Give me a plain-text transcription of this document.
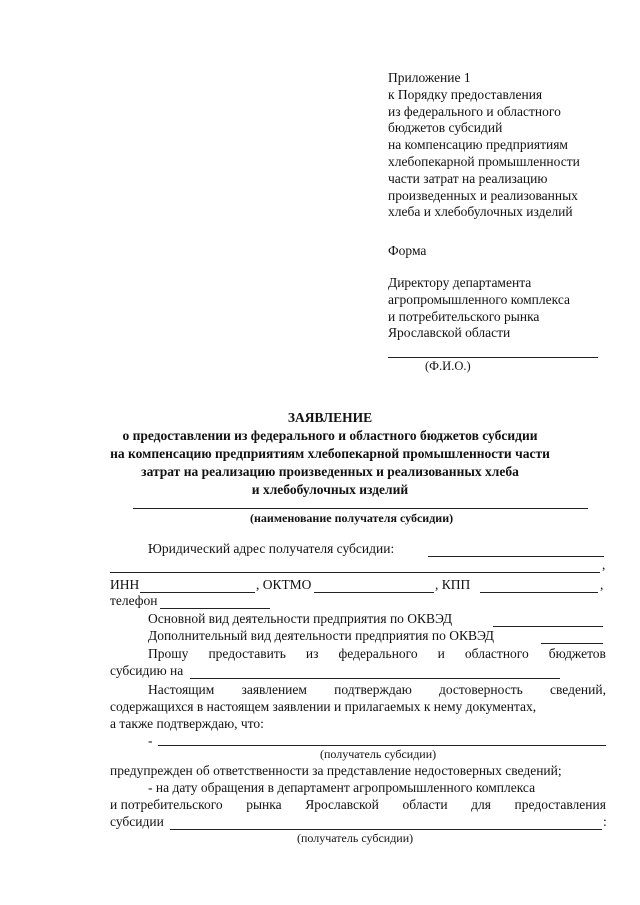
Приложение 1
к Порядку предоставления
из федерального и областного
бюджетов субсидий
на компенсацию предприятиям
хлебопекарной промышленности
части затрат на реализацию
произведенных и реализованных
хлеба и хлебобулочных изделий
Форма
Директору департамента
агропромышленного комплекса
и потребительского рынка
Ярославской области
(Ф.И.О.)
ЗАЯВЛЕНИЕ
о предоставлении из федерального и областного бюджетов субсидии
на компенсацию предприятиям хлебопекарной промышленности части
затрат на реализацию произведенных и реализованных хлеба
и хлебобулочных изделий
(наименование получателя субсидии)
Юридический адрес получателя субсидии:
,
ИНН	, ОКТМО	, КПП	,
телефон
Основной вид деятельности предприятия по ОКВЭД
Дополнительный вид деятельности предприятия по ОКВЭД
Прошу предоставить из федерального и областного бюджетов
субсидию на
Настоящим заявлением подтверждаю достоверность сведений,
содержащихся в настоящем заявлении и прилагаемых к нему документах,
а также подтверждаю, что:
-
(получатель субсидии)
предупрежден об ответственности за представление недостоверных сведений;
- на дату обращения в департамент агропромышленного комплекса
и потребительского рынка Ярославской области для предоставления
субсидии	:
(получатель субсидии)
